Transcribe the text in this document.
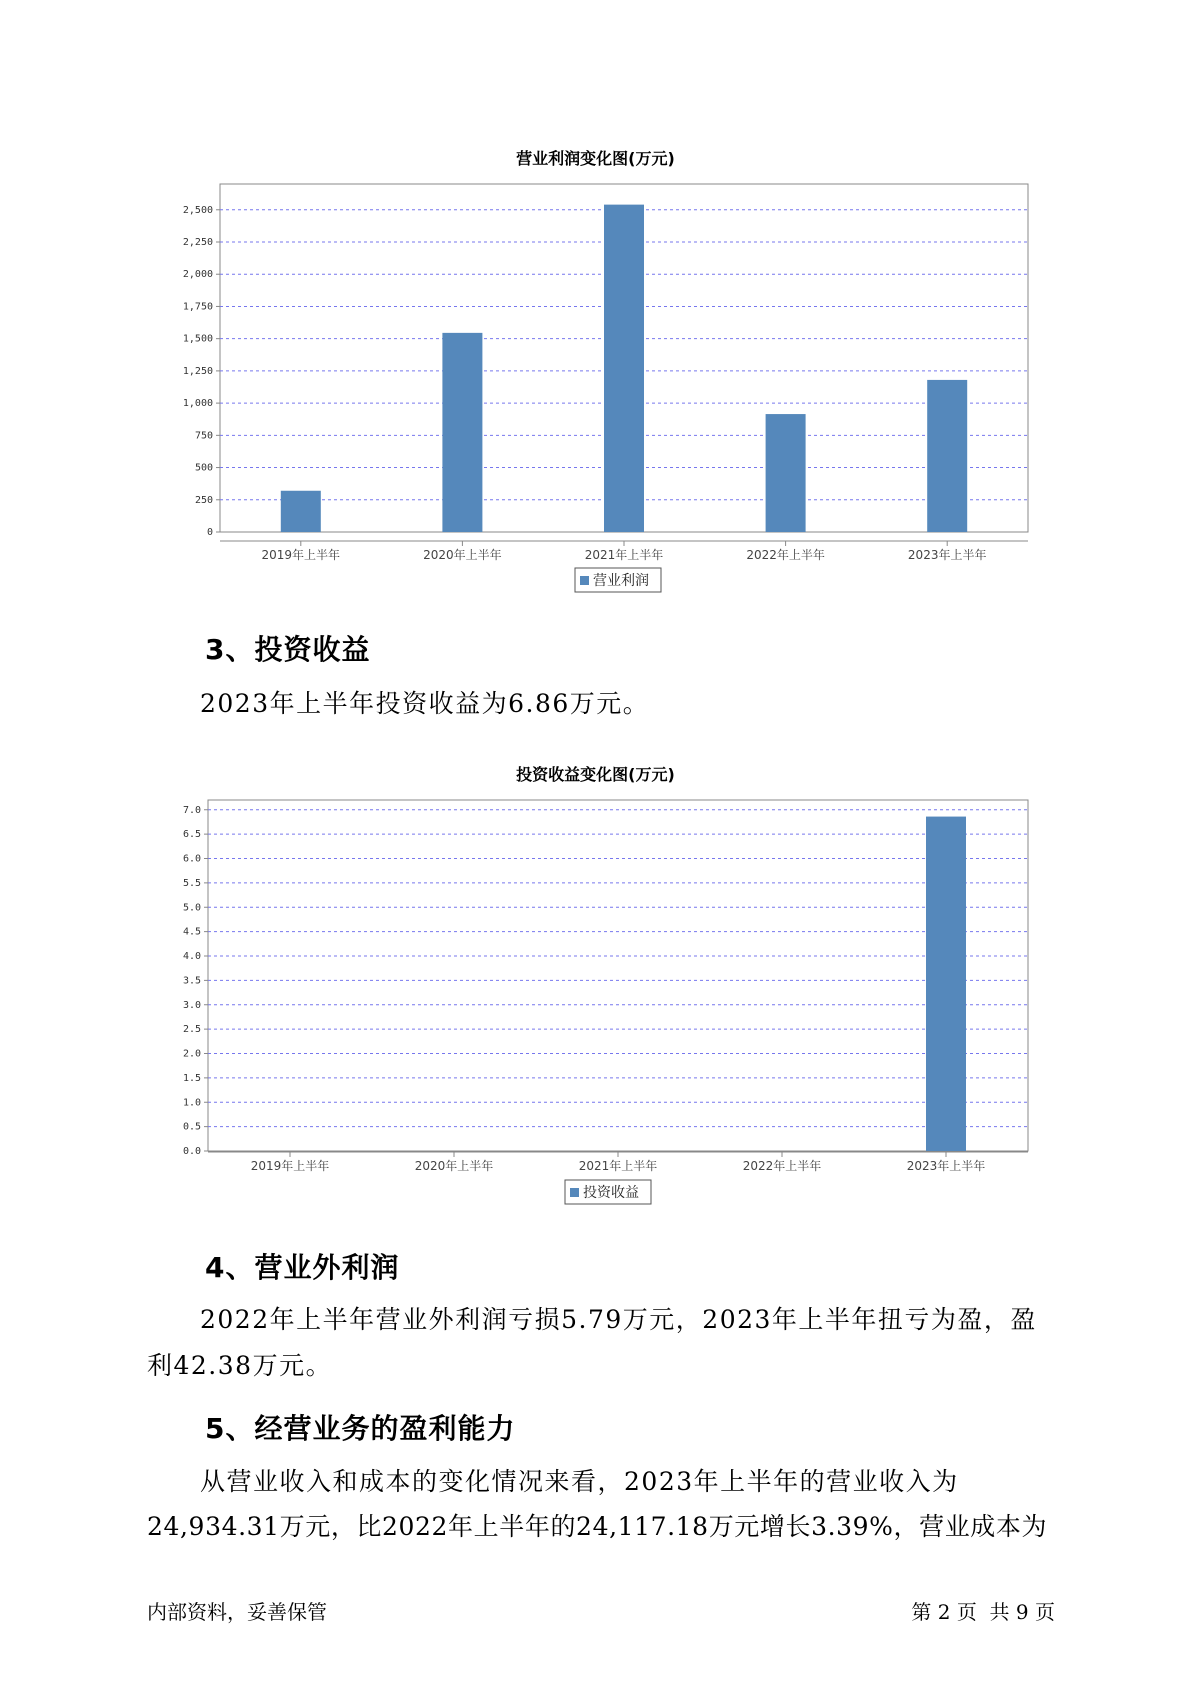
营业利润变化图(万元)
0
250
500
750
1,000
1,250
1,500
1,750
2,000
2,250
2,500
2019年上半年	2020年上半年	2021年上半年	2022年上半年	2023年上半年
营业利润
3、投资收益
2023年上半年投资收益为6.86万元。
投资收益变化图(万元)
0.0
0.5
1.0
1.5
2.0
2.5
3.0
3.5
4.0
4.5
5.0
5.5
6.0
6.5
7.0
2019年上半年	2020年上半年	2021年上半年	2022年上半年	2023年上半年
投资收益
4、营业外利润
2022年上半年营业外利润亏损5.79万元，2023年上半年扭亏为盈，盈
利42.38万元。
5、经营业务的盈利能力
从营业收入和成本的变化情况来看，2023年上半年的营业收入为
24,934.31万元，比2022年上半年的24,117.18万元增长3.39%，营业成本为
内部资料，妥善保管	第 2 页  共 9 页
